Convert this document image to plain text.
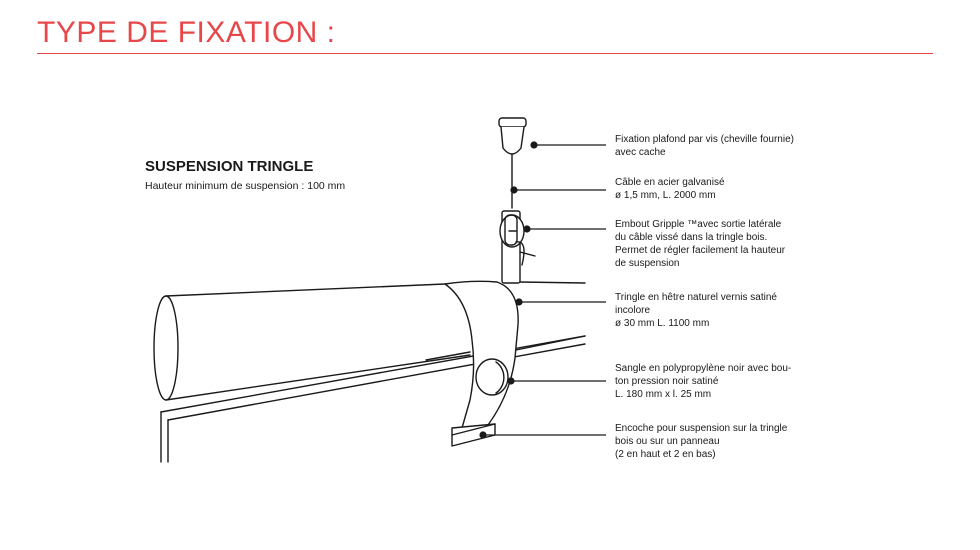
TYPE DE FIXATION :
SUSPENSION TRINGLE
Hauteur minimum de suspension : 100 mm
Fixation plafond par vis (cheville fournie)
avec cache
Câble en acier galvanisé
ø 1,5 mm, L. 2000 mm
Embout Gripple ™avec sortie latérale
du câble vissé dans la tringle bois.
Permet de régler facilement la hauteur
de suspension
Tringle en hêtre naturel vernis satiné
incolore
ø 30 mm L. 1100 mm
Sangle en polypropylène noir avec bou-
ton pression noir satiné
L. 180 mm x l. 25 mm
Encoche pour suspension sur la tringle
bois ou sur un panneau
(2 en haut et 2 en bas)
